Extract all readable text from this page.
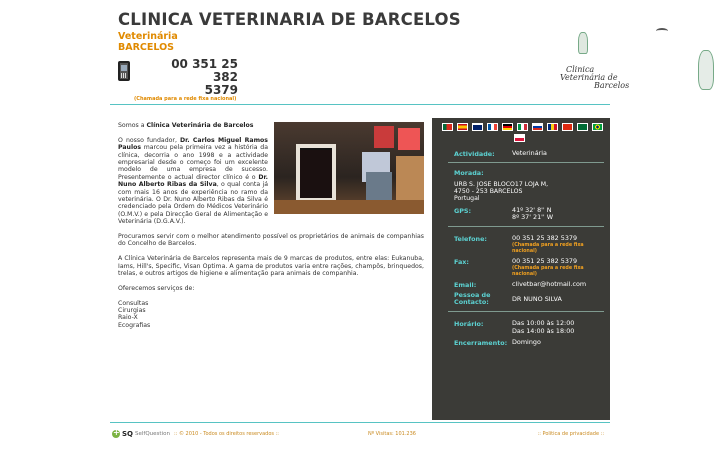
CLINICA VETERINARIA DE BARCELOS
Veterinária
BARCELOS
00 351 25 382
5379
(Chamada para a rede fixa nacional)
Clinica
Veterinária de
Barcelos

Somos a Clínica Veterinária de Barcelos

O nosso fundador, Dr. Carlos Miguel Ramos Paulos marcou pela primeira vez a história da clínica, decorria o ano 1998 e a actividade empresarial desde o começo foi um excelente modelo de uma empresa de sucesso. Presentemente o actual director clínico é o Dr. Nuno Alberto Ribas da Silva, o qual conta já com mais 16 anos de experiência no ramo da veterinária. O Dr. Nuno Alberto Ribas da Silva é credenciado pela Ordem do Médicos Veterinário (O.M.V.) e pela Direcção Geral de Alimentação e Veterinária (D.G.A.V.).

Procuramos servir com o melhor atendimento possível os proprietários de animais de companhias do Concelho de Barcelos.

A Clínica Veterinária de Barcelos representa mais de 9 marcas de produtos, entre elas: Eukanuba, Iams, Hill's, Specific, Visan Optima. A gama de produtos varia entre rações, champôs, brinquedos, trelas, e outros artigos de higiene e alimentação para animais de companhia.

Oferecemos serviços de:

Consultas
Cirurgias
Raio-X
Ecografias
Actividade:	Veterinária
Morada:
URB S. JOSE BLOCO17 LOJA M,
4750 - 253 BARCELOS
Portugal
GPS:	41º 32' 8'' N
8º 37' 21'' W
Telefone:	00 351 25 382 5379
(Chamada para a rede fixa
nacional)
Fax:	00 351 25 382 5379
(Chamada para a rede fixa
nacional)
Email:	clivetbar@hotmail.com
Pessoa de
Contacto:	DR NUNO SILVA
Horário:	Das 10:00 às 12:00
Das 14:00 às 18:00
Encerramento: Domingo
+
SQ SelfQuestion :: © 2010 - Todos os direitos reservados ::	Nº Visitas: 101.236	:: Politica de privacidade ::
